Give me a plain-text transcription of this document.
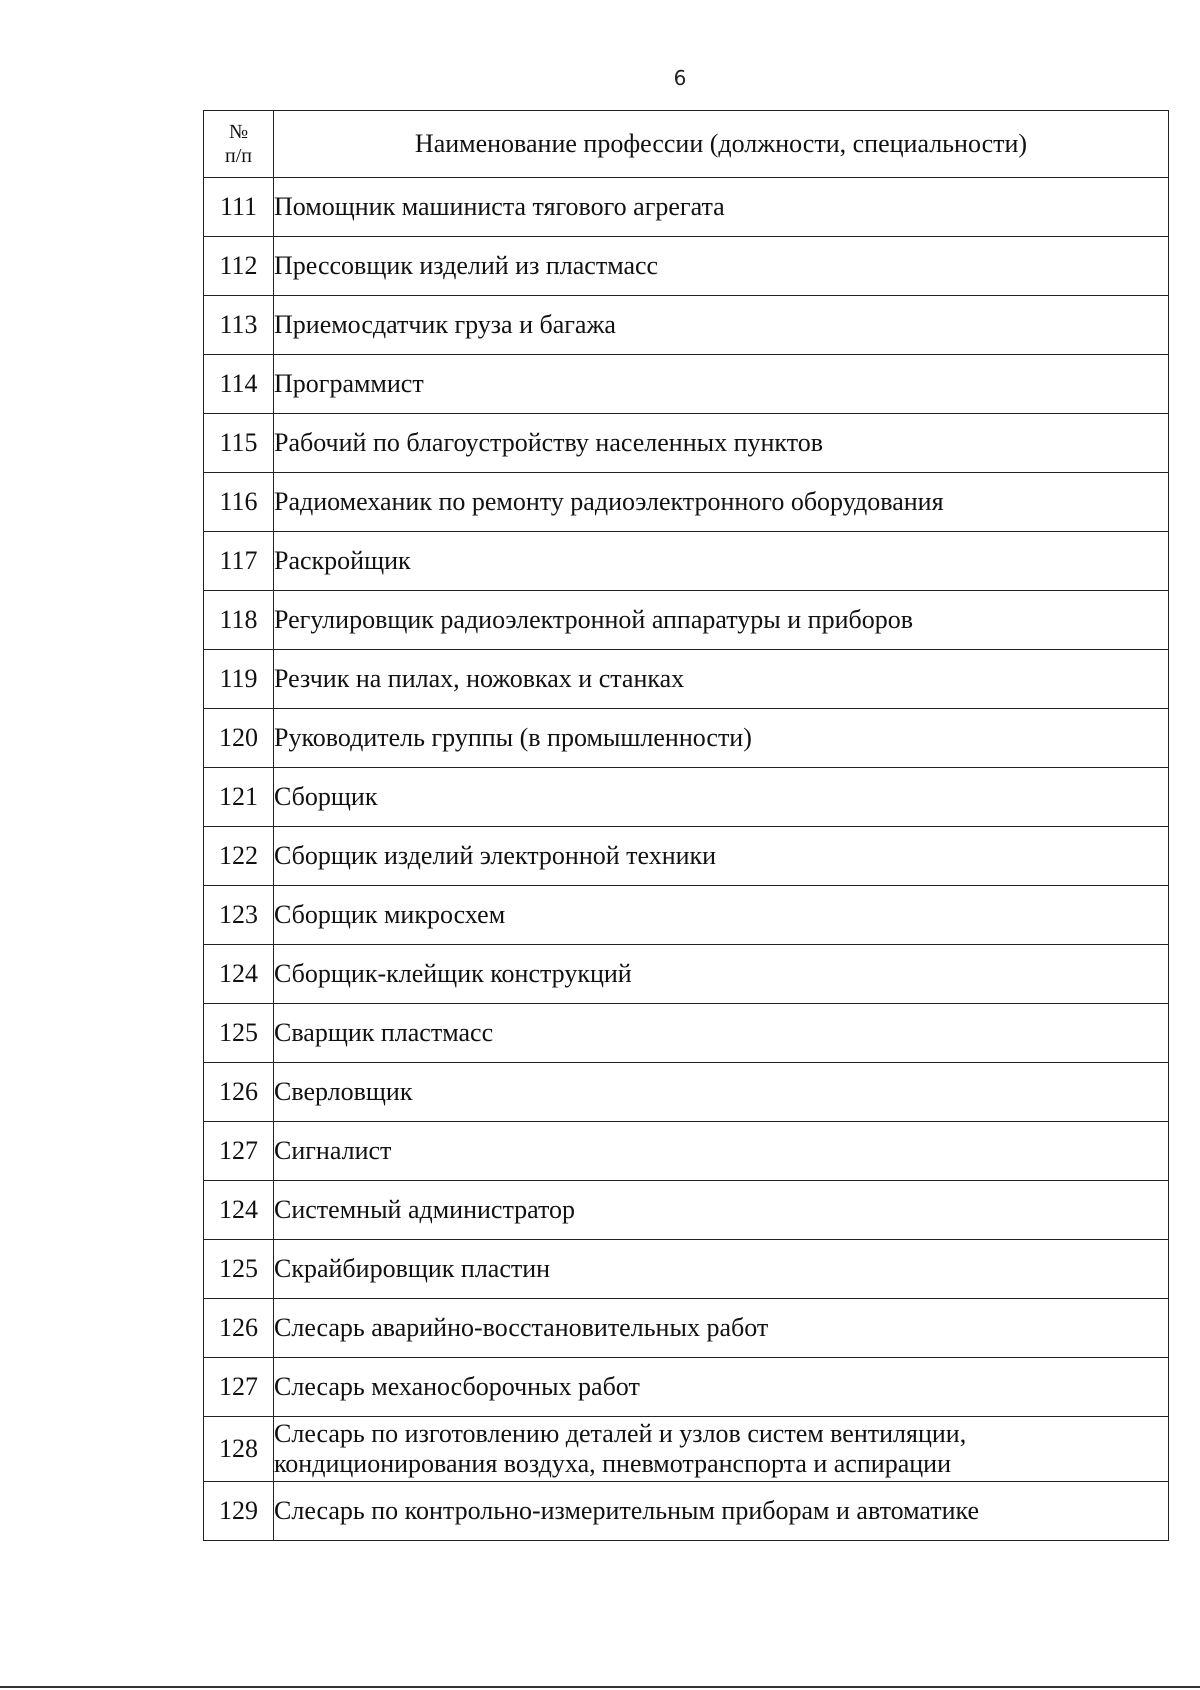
6
№
п/п	Наименование профессии (должности, специальности)
111	Помощник машиниста тягового агрегата

112	Прессовщик изделий из пластмасс

113	Приемосдатчик груза и багажа

114	Программист

115	Рабочий по благоустройству населенных пунктов

116	Радиомеханик по ремонту радиоэлектронного оборудования

117	Раскройщик

118	Регулировщик радиоэлектронной аппаратуры и приборов

119	Резчик на пилах, ножовках и станках

120	Руководитель группы (в промышленности)

121	Сборщик

122	Сборщик изделий электронной техники

123	Сборщик микросхем

124	Сборщик-клейщик конструкций

125	Сварщик пластмасс

126	Сверловщик

127	Сигналист

124	Системный администратор

125	Скрайбировщик пластин

126	Слесарь аварийно-восстановительных работ

127	Слесарь механосборочных работ

128	Слесарь по изготовлению деталей и узлов систем вентиляции,
кондиционирования воздуха, пневмотранспорта и аспирации

129	Слесарь по контрольно-измерительным приборам и автоматике
